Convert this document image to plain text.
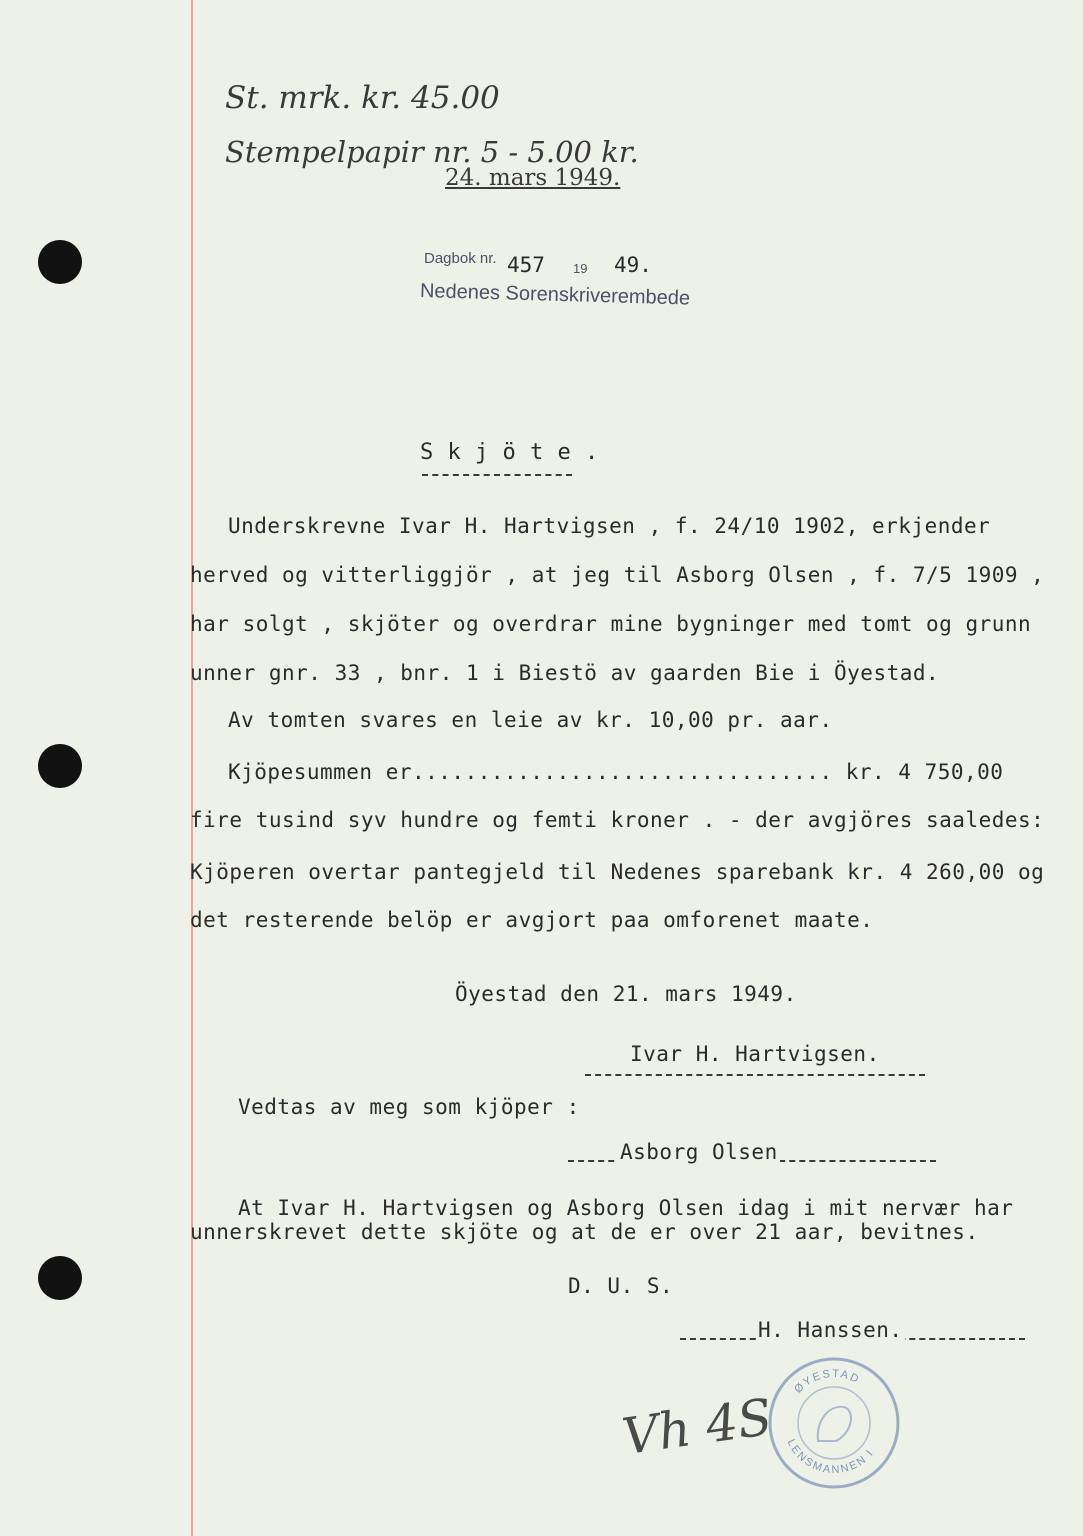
St. mrk. kr. 45.00
Stempelpapir nr. 5 - 5.00 kr.
24. mars 1949.
Dagbok nr. 457 19 49.
Nedenes Sorenskriverembede
S k j ö t e .
Underskrevne Ivar H. Hartvigsen , f. 24/10 1902, erkjender
herved og vitterliggjör , at jeg til Asborg Olsen , f. 7/5 1909 ,
har solgt , skjöter og overdrar mine bygninger med tomt og grunn
unner gnr. 33 , bnr. 1 i Biestö av gaarden Bie i Öyestad.
Av tomten svares en leie av kr. 10,00 pr. aar.
Kjöpesummen er................................ kr. 4 750,00
fire tusind syv hundre og femti kroner . - der avgjöres saaledes:
Kjöperen overtar pantegjeld til Nedenes sparebank kr. 4 260,00 og
det resterende belöp er avgjort paa omforenet maate.
Öyestad den 21. mars 1949.
Ivar H. Hartvigsen.
Vedtas av meg som kjöper :
Asborg Olsen
At Ivar H. Hartvigsen og Asborg Olsen idag i mit nervær har
unnerskrevet dette skjöte og at de er over 21 aar, bevitnes.
D. U. S.
H. Hanssen.
ØYESTAD
LENSMANNEN I
Vh 4S
